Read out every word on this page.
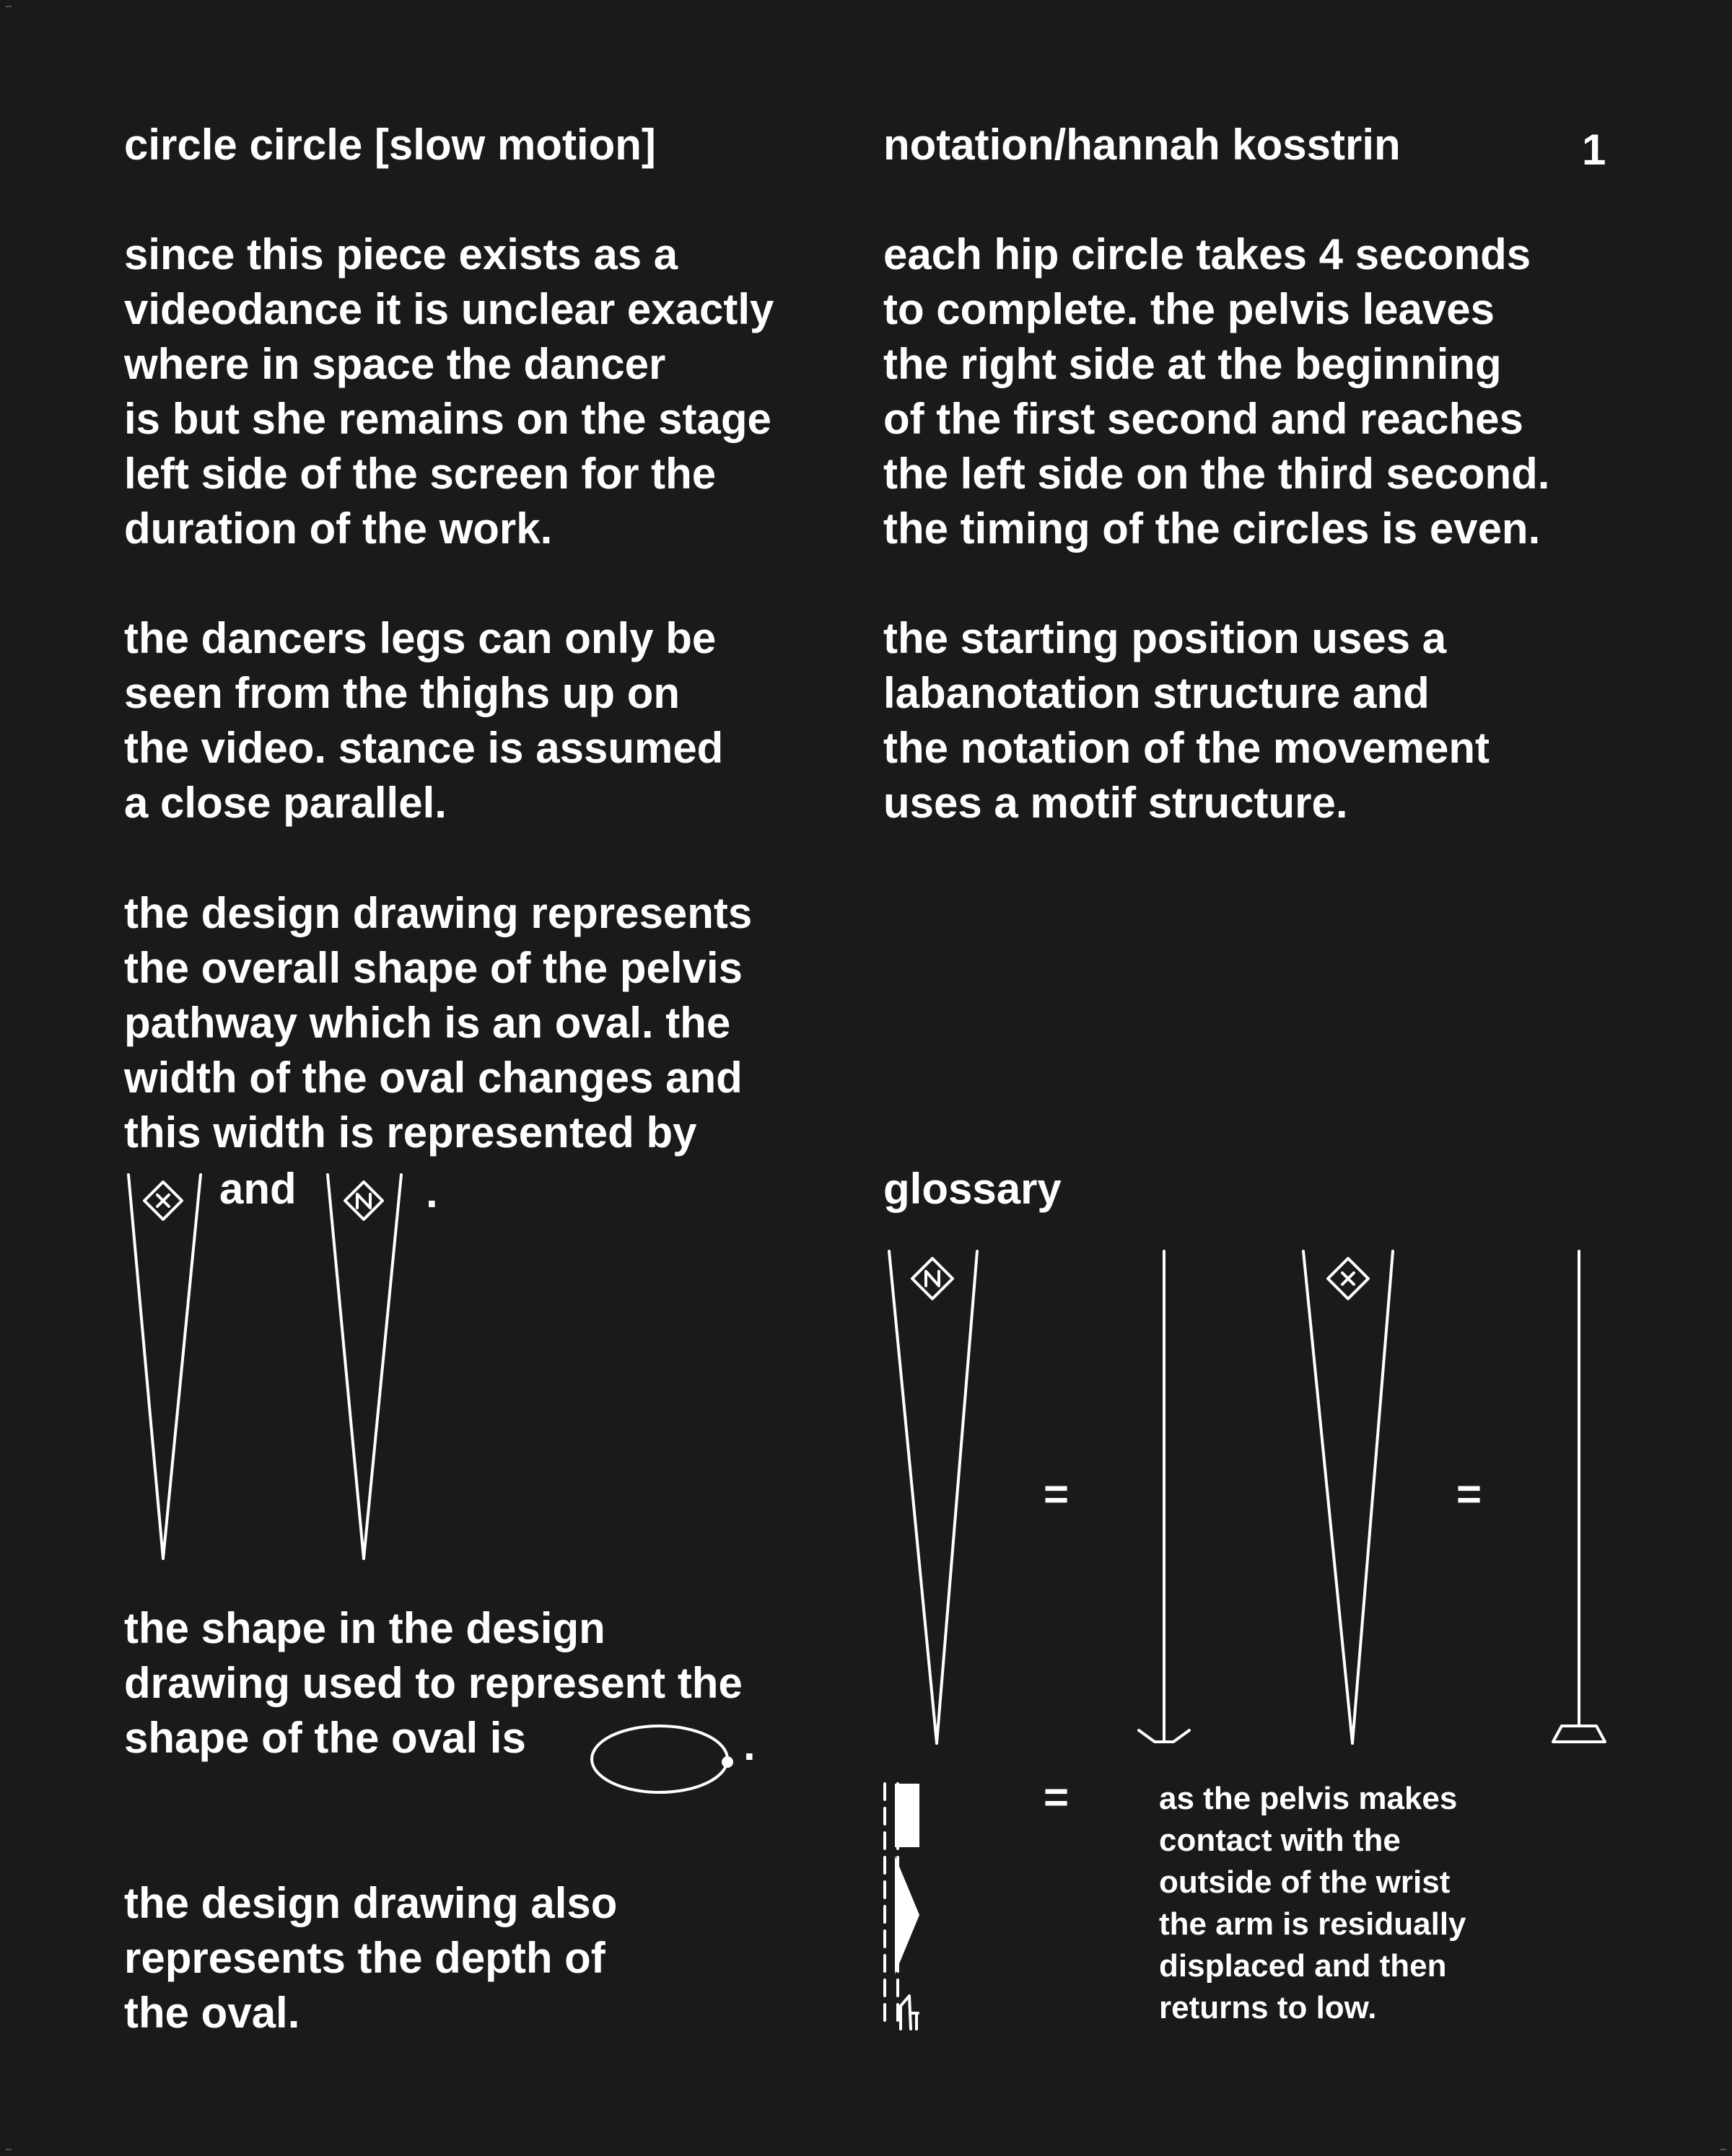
circle circle [slow motion]	notation/hannah kosstrin	1

since this piece exists as a
videodance it is unclear exactly
where in space the dancer
is but she remains on the stage
left side of the screen for the
duration of the work.

the dancers legs can only be
seen from the thighs up on
the video. stance is assumed
a close parallel.

the design drawing represents
the overall shape of the pelvis
pathway which is an oval. the
width of the oval changes and
this width is represented by

and	.

the shape in the design
drawing used to represent the
shape of the oval is	.

the design drawing also
represents the depth of
the oval.

each hip circle takes 4 seconds
to complete. the pelvis leaves
the right side at the beginning
of the first second and reaches
the left side on the third second.
the timing of the circles is even.

the starting position uses a
labanotation structure and
the notation of the movement
uses a motif structure.

glossary
=	=
=	as the pelvis makes
contact with the
outside of the wrist
the arm is residually
displaced and then
returns to low.
